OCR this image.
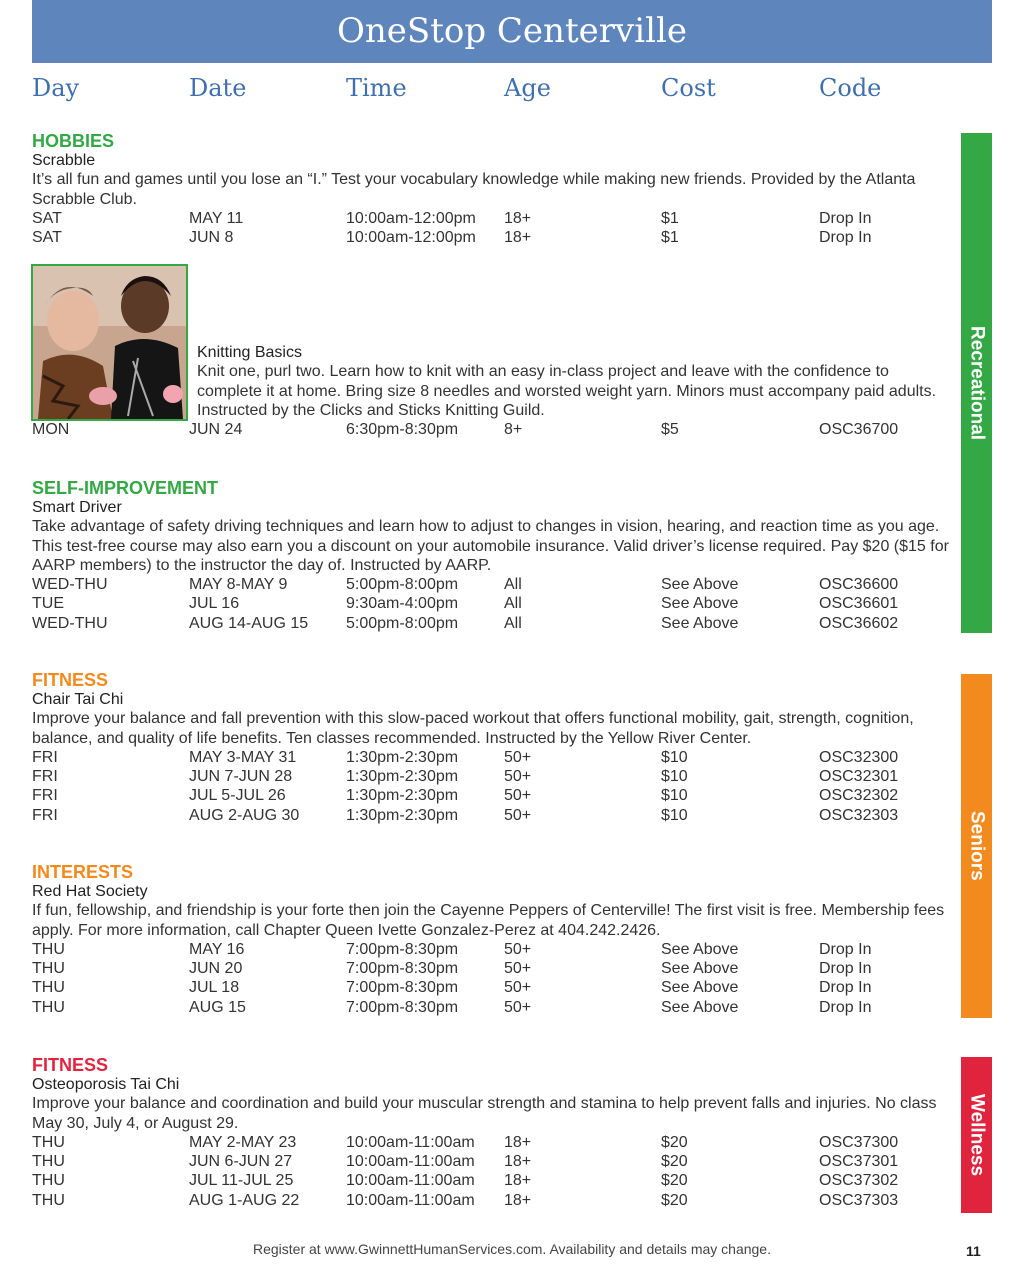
OneStop Centerville
Day	Date	Time	Age	Cost	Code
HOBBIES
Scrabble
It’s all fun and games until you lose an “I.” Test your vocabulary knowledge while making new friends. Provided by the Atlanta Scrabble Club.
SAT	MAY 11	10:00am-12:00pm 18+	$1	Drop In
SAT	JUN 8	10:00am-12:00pm 18+	$1	Drop In
Knitting Basics
Knit one, purl two. Learn how to knit with an easy in-class project and leave with the confidence to complete it at home. Bring size 8 needles and worsted weight yarn. Minors must accompany paid adults. Instructed by the Clicks and Sticks Knitting Guild.
MON	JUN 24	6:30pm-8:30pm	8+	$5	OSC36700
SELF-IMPROVEMENT
Smart Driver
Take advantage of safety driving techniques and learn how to adjust to changes in vision, hearing, and reaction time as you age. This test-free course may also earn you a discount on your automobile insurance. Valid driver’s license required. Pay $20 ($15 for AARP members) to the instructor the day of. Instructed by AARP.
WED-THU	MAY 8-MAY 9	5:00pm-8:00pm	All	See Above	OSC36600
TUE	JUL 16	9:30am-4:00pm	All	See Above	OSC36601
WED-THU	AUG 14-AUG 15 5:00pm-8:00pm	All	See Above	OSC36602
FITNESS
Chair Tai Chi
Improve your balance and fall prevention with this slow-paced workout that offers functional mobility, gait, strength, cognition, balance, and quality of life benefits. Ten classes recommended. Instructed by the Yellow River Center.
FRI	MAY 3-MAY 31	1:30pm-2:30pm	50+	$10	OSC32300
FRI	JUN 7-JUN 28	1:30pm-2:30pm	50+	$10	OSC32301
FRI	JUL 5-JUL 26	1:30pm-2:30pm	50+	$10	OSC32302
FRI	AUG 2-AUG 30	1:30pm-2:30pm	50+	$10	OSC32303
INTERESTS
Red Hat Society
If fun, fellowship, and friendship is your forte then join the Cayenne Peppers of Centerville! The first visit is free. Membership fees apply. For more information, call Chapter Queen Ivette Gonzalez-Perez at 404.242.2426.
THU	MAY 16	7:00pm-8:30pm	50+	See Above	Drop In
THU	JUN 20	7:00pm-8:30pm	50+	See Above	Drop In
THU	JUL 18	7:00pm-8:30pm	50+	See Above	Drop In
THU	AUG 15	7:00pm-8:30pm	50+	See Above	Drop In
FITNESS
Osteoporosis Tai Chi
Improve your balance and coordination and build your muscular strength and stamina to help prevent falls and injuries. No class May 30, July 4, or August 29.
THU	MAY 2-MAY 23	10:00am-11:00am 18+	$20	OSC37300
THU	JUN 6-JUN 27	10:00am-11:00am 18+	$20	OSC37301
THU	JUL 11-JUL 25	10:00am-11:00am 18+	$20	OSC37302
THU	AUG 1-AUG 22	10:00am-11:00am 18+	$20	OSC37303
Recreational
Seniors
Wellness
Register at www.GwinnettHumanServices.com. Availability and details may change.	11
